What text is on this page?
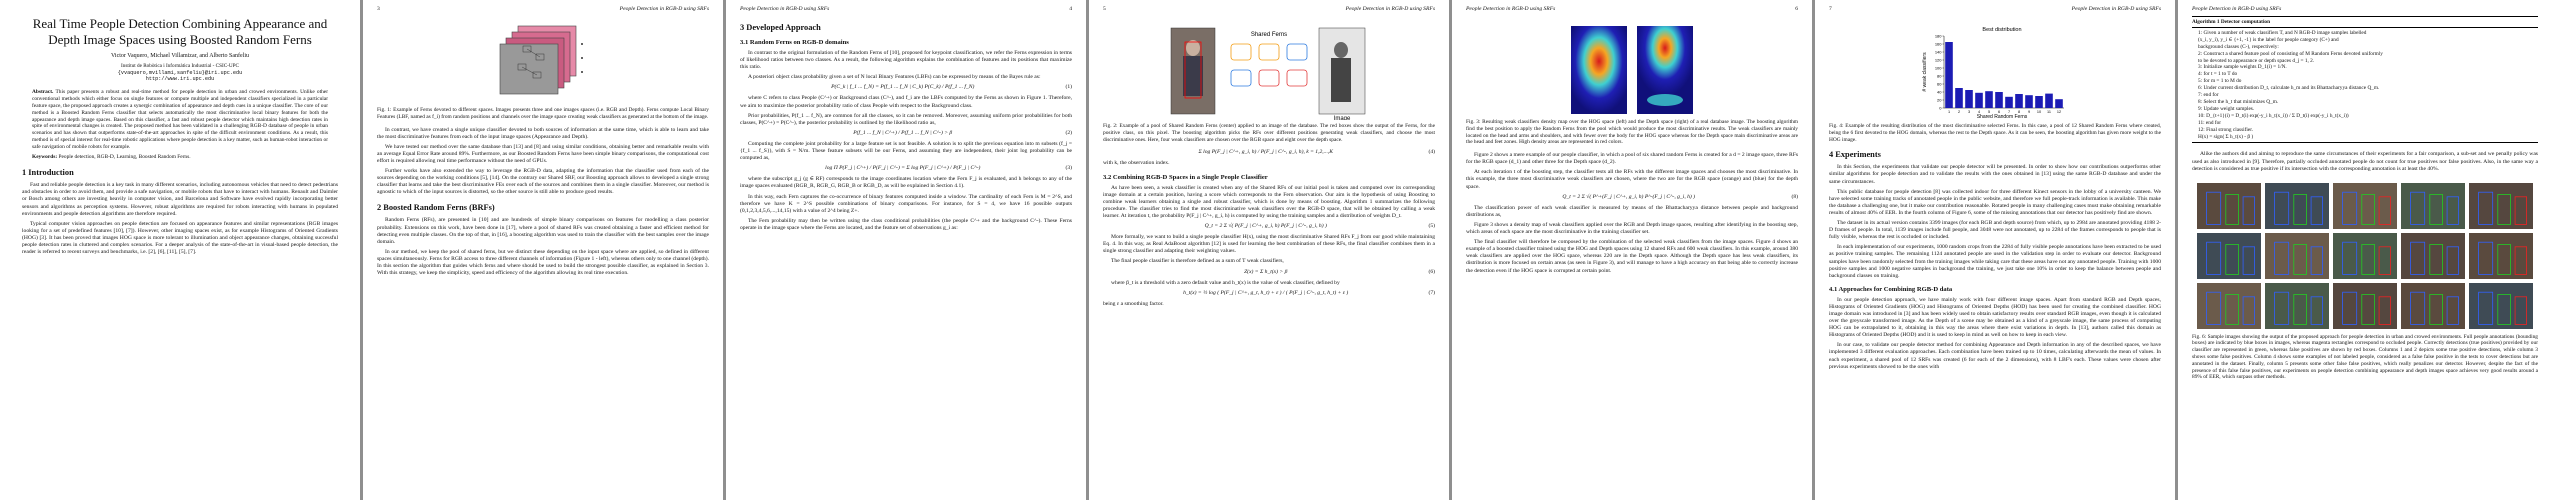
Real Time People Detection Combining Appearance and Depth Image Spaces using Boosted Random Ferns
Victor Vaquero, Michael Villamizar, and Alberto Sanfeliu
Institut de Robòtica i Informàtica Industrial - CSIC-UPC
{vvaquero,mvillami,sanfeliu}@iri.upc.edu
http://www.iri.upc.edu
Abstract. This paper presents a robust and real-time method for people detection in urban and crowed environments. Unlike other conventional methods which either focus on single features or compute multiple and independent classifiers specialized in a particular feature space, the proposed approach creates a synergic combination of appearance and depth cues in a unique classifier. The core of our method is a Boosted Random Ferns classifier that selects automatically the most discriminative local binary features for both the appearance and depth image spaces. Based on this classifier, a fast and robust people detector which maintains high detection rates in spite of environmental changes is created. The proposed method has been validated in a challenging RGB-D database of people in urban scenarios and has shown that outperforms state-of-the-art approaches in spite of the difficult environment conditions. As a result, this method is of special interest for real-time robotic applications where people detection is a key matter, such as human-robot interaction or safe navigation of mobile robots for example.
Keywords: People detection, RGB-D, Learning, Boosted Random Ferns.
1 Introduction

Fast and reliable people detection is a key task in many different scenarios, including autonomous vehicles that need to detect pedestrians and obstacles in order to avoid them, and provide a safe navigation, or mobile robots that have to interact with humans. Renault and Daimler or Bosch among others are investing heavily in computer vision, and Barcelona and Software have evolved rapidly incorporating better sensors and algorithms as perception systems. However, robust algorithms are required for robots interacting with humans in populated environments and people detection algorithms are therefore required.

Typical computer vision approaches on people detection are focused on appearance features and similar representations (RGB images looking for a set of predefined features [10], [7]). However, other imaging spaces exist, as for example Histograms of Oriented Gradients (HOG) [3]. It has been proved that images HOG space is more tolerant to illumination and object appearance changes, obtaining successful people detection rates in cluttered and complex scenarios. For a deeper analysis of the state-of-the-art in visual-based people detection, the reader is referred to recent surveys and benchmarks, i.e. [2], [6], [11], [5], [7].

3	People Detection in RGB-D using SRFs
Fig. 1: Example of Ferns devoted to different spaces. Images presents three and one images spaces (i.e. RGB and Depth). Ferns compute Local Binary Features (LBF, named as f_i) from random positions and channels over the image space creating weak classifiers as generated at the bottom of the image.

In contrast, we have created a single unique classifier devoted to both sources of information at the same time, which is able to learn and take the most discriminative features from each of the input image spaces (Appearance and Depth).

We have tested our method over the same database than [13] and [8] and using similar conditions, obtaining better and remarkable results with an average Equal Error Rate around 89%. Furthermore, as our Boosted Random Ferns have been simple binary comparisons, the computational cost effort is required allowing real time performance without the need of GPUs.

Further works have also extended the way to leverage the RGB-D data, adapting the information that the classifier used from each of the sources depending on the working conditions [5], [14]. On the contrary our Shared SRF, our Boosting approach allows to developed a single strong classifier that learns and take the best discriminative FEs over each of the sources and combines them in a single classifier. Moreover, our method is agnostic to which of the input sources is distorted, so the other source is still able to produce good results.

2 Boosted Random Ferns (BRFs)

Random Ferns (RFs), are presented in [10] and are hundreds of simple binary comparisons on features for modelling a class posterior probability. Extensions on this work, have been done in [17], where a pool of shared RFs was created obtaining a faster and efficient method for detecting even multiple classes. On the top of that, in [16], a boosting algorithm was used to train the classifier with the best samples over the image domain.

In our method, we keep the pool of shared ferns, but we distinct these depending on the input space where are applied, so defined in different spaces simultaneously. Ferns for RGB access to three different channels of information (Figure 1 - left), whereas others only to one channel (depth). In this section the algorithm that guides which ferns and where should be used to build the strongest possible classifier, as explained in Section 3. With this strategy, we keep the simplicity, speed and efficiency of the algorithm allowing its real time execution.

People Detection in RGB-D using SRFs	4
3 Developed Approach
3.1 Random Ferns on RGB-D domains

In contrast to the original formulation of the Random Ferns of [10], proposed for keypoint classification, we refer the Ferns expression in terms of likelihood ratios between two classes. As a result, the following algorithm explains the combination of features and its positions that maximize this ratio.

A posteriori object class probability given a set of N local Binary Features (LBFs) can be expressed by means of the Bayes rule as:

P(C_k | f_1 ... f_N) = P(f_1 ... f_N | C_k) P(C_k) / P(f_1 ... f_N)	(1)

where C refers to class People (C^+) or Background class (C^-), and f_i are the LBFs computed by the Ferns as shown in Figure 1. Therefore, we aim to maximize the posterior probability ratio of class People with respect to the Background class.

Prior probabilities, P(f_1 ... f_N), are common for all the classes, so it can be removed. Moreover, assuming uniform prior probabilities for both classes, P(C^+) = P(C^-), the posterior probability is outlined by the likelihood ratio as,

P(f_1 ... f_N | C^+) / P(f_1 ... f_N | C^-) > β	(2)

Computing the complete joint probability for a large feature set is not feasible. A solution is to split the previous equation into m subsets (f_j = {f_1 ... f_S}), with S = N/m. These feature subsets will be our Ferns, and assuming they are independent, their joint log probability can be computed as,

log Π P(F_j | C^+) / P(F_j | C^-) = Σ log P(F_j | C^+) / P(F_j | C^-)	(3)

where the subscript g_j (g ∈ RF) corresponds to the image coordinates location where the Fern F_j is evaluated, and h belongs to any of the image spaces evaluated (RGB_R, RGB_G, RGB_B or RGB_D, as will be explained in Section 4.1).

In this way, each Fern captures the co-occurrence of binary features computed inside a window. The cardinality of each Fern is M = 2^S, and therefore we have K = 2^S possible combinations of binary comparisons. For instance, for S = 4, we have 16 possible outputs (0,1,2,3,4,5,6,...,14,15) with a value of 2^4 being Z+.

The Fern probability may then be written using the class conditional probabilities (the people C^+ and the background C^-). These Ferns operate in the image space where the Ferns are located, and the feature set of observations g_i as:

5	People Detection in RGB-D using SRFs
Shared Ferns
Image
Fig. 2: Example of a pool of Shared Random Ferns (center) applied to an image of the database. The red boxes show the output of the Ferns, for the positive class, on this pixel. The boosting algorithm picks the RFs over different positions generating weak classifiers, and choose the most discriminative ones. Here, four weak classifiers are chosen over the RGB space and eight over the depth space.
Σ log P(F_j | C^+, g_i, h) / P(F_j | C^-, g_i, h), k = 1,2,...,K	(4)

with k, the observation index.

3.2 Combining RGB-D Spaces in a Single People Classifier

As have been seen, a weak classifier is created when any of the Shared RFs of our initial pool is taken and computed over its corresponding image domain at a certain position, having a score which corresponds to the Fern observation. Our aim is the hypothesis of using Boosting to combine weak learners obtaining a single and robust classifier, which is done by means of boosting. Algorithm 1 summarizes the following procedure. The classifier tries to find the most discriminative weak classifiers over the RGB-D space, that will be obtained by calling a weak learner. At iteration t, the probability P(F_j | C^+, g_i, h) is computed by using the training samples and a distribution of weights D_t.

Q_t = 2 Σ √( P(F_j | C^+, g_i, h) P(F_j | C^-, g_i, h) )	(5)

More formally, we want to build a single people classifier H(x), using the most discriminative Shared RFs F_j from our good while maintaining Eq. 4. In this way, as Real AdaBoost algorithm [12] is used for learning the best combination of these RFs, the final classifier combines them in a single strong classifier and adapting their weighting values.

The final people classifier is therefore defined as a sum of T weak classifiers,

Z(x) = Σ h_t(x) > β	(6)

where β_t is a threshold with a zero default value and h_t(x) is the value of weak classifier, defined by

h_t(x) = ½ log ( P(F_j | C^+, g_t, h_t) + ε ) / ( P(F_j | C^-, g_t, h_t) + ε )	(7)

being ε a smoothing factor.

People Detection in RGB-D using SRFs	6
Fig. 3: Resulting weak classifiers density map over the HOG space (left) and the Depth space (right) of a real database image. The boosting algorithm find the best position to apply the Random Ferns from the pool which would produce the most discriminative results. The weak classifiers are mainly located on the head and arms and shoulders, and with fewer over the body for the HOG space whereas for the Depth space main discriminative areas are the head and feet zones. High density areas are represented in red colors.

Figure 2 shows a mere example of our people classifier, in which a pool of six shared random Ferns is created for a d = 2 image space, three RFs for the RGB space (d_1) and other three for the Depth space (d_2).

At each iteration t of the boosting step, the classifier tests all the RFs with the different image spaces and chooses the most discriminative. In this example, the three most discriminative weak classifiers are chosen, where the two are for the RGB space (orange) and (blue) for the depth space.

Q_t = 2 Σ √( P^+(F_j | C^+, g_i, h) P^-(F_j | C^-, g_i, h) )	(8)

The classification power of each weak classifier is measured by means of the Bhattacharyya distance between people and background distributions as,

Figure 3 shows a density map of weak classifiers applied over the RGB and Depth image spaces, resulting after identifying in the boosting step, which areas of each space are the most discriminative in the training classifier set.

The final classifier will therefore be composed by the combination of the selected weak classifiers from the image spaces. Figure 4 shows an example of a boosted classifier trained using the HOG and Depth spaces using 12 shared RFs and 600 weak classifiers. In this example, around 380 weak classifiers are applied over the HOG space, whereas 220 are in the Depth space. Although the Depth space has less weak classifiers, its distribution is more focused on certain areas (as seen in Figure 3), and will manage to have a high accuracy on that being able to correctly increase the detection even if the HOG space is corrupted at certain point.

7	People Detection in RGB-D using SRFs
Best distribution
Shared Random Ferns
# weak classifiers
0
20
40
60
80
100
120
140
160
180
1 2 3 4 5 6 7 8 9 10 11 12
Fig. 4: Example of the resulting distribution of the most discriminative selected Ferns. In this case, a pool of 12 Shared Random Ferns where created, being the 6 first devoted to the HOG domain, whereas the rest to the Depth space. As it can be seen, the boosting algorithm has given more weight to the HOG image.
4 Experiments

In this Section, the experiments that validate our people detector will be presented. In order to show how our contributions outperforms other similar algorithms for people detection and to validate the results with the ones obtained in [13] using the same RGB-D database and under the same circumstances.

This public database for people detection [8] was collected indoor for three different Kinect sensors in the lobby of a university canteen. We have selected some training tracks of annotated people in the public website, and therefore we full people-track information is available. This make the database a challenging one, but it make our contribution reasonable. Rotated people in many challenging cases must make obtaining remarkable results of almost 40% of EER. In the fourth column of Figure 6, some of the missing annotations that our detector has positively find are shown.

The dataset in its actual version contains 3399 images (for each RGB and depth source) from which, up to 2984 are annotated providing 4188 2-D frames of people. In total, 1139 images include full people, and 3048 were not annotated, up to 2284 of the frames corresponds to people that is fully visible, whereas the rest is occluded or included.

In each implementation of our experiments, 1000 random crops from the 2284 of fully visible people annotations have been extracted to be used as positive training samples. The remaining 1124 annotated people are used in the validation step in order to evaluate our detector. Background samples have been randomly selected from the training images while taking care that these areas have not any annotated people. Training with 1000 positive samples and 1000 negative samples in background the training, we just take one 10% in order to keep the balance between people and background classes on training.

4.1 Approaches for Combining RGB-D data

In our people detection approach, we have mainly work with four different image spaces. Apart from standard RGB and Depth spaces, Histograms of Oriented Gradients (HOG) and Histograms of Oriented Depths (HOD) has been used for creating the combined classifier. HOG image domain was introduced in [3] and has been widely used to obtain satisfactory results over standard RGB images, even though it is calculated over the greyscale transformed image. As the Depth of a scene may be obtained as a kind of a greyscale image, the same process of computing HOG can be extrapolated to it, obtaining in this way the areas where there exist variations in depth. In [13], authors called this domain as Histograms of Oriented Depths (HOD) and it is used to keep in mind as well on how to keep in each view.

In our case, to validate our people detector method for combining Appearance and Depth information in any of the described spaces, we have implemented 3 different evaluation approaches. Each combination have been trained up to 10 times, calculating afterwards the mean of values. In each experiment, a shared pool of 12 SRFs was created (6 for each of the 2 dimensions), with 8 LBF's each. These values were chosen after previous experiments showed to be the ones with

People Detection in RGB-D using SRFs
Algorithm 1 Detector computation
1: Given a number of weak classifiers T, and N RGB-D image samples labelled
(x_i, y_i), y_i ∈ {+1, -1} is the label for people category (C+) and
background classes (C-), respectively:
2: Construct a shared feature pool of consisting of M Random Ferns devoted uniformly
to be devoted to appearance or depth spaces d_j = 1, 2.
3: Initialize sample weights D_1(i) = 1/N.
4: for t = 1 to T do
5: for m = 1 to M do
6: Under current distribution D_t, calculate h_m and its Bhattacharyya distance Q_m.
7: end for
8: Select the h_t that minimizes Q_m.
9: Update weight samples.
10: D_{t+1}(i) = D_t(i) exp(-y_i h_t(x_i)) / Σ D_t(i) exp(-y_i h_t(x_i))
11: end for
12: Final strong classifier.
H(x) = sign( Σ h_t(x) - β )

Alike the authors did and aiming to reproduce the same circumstances of their experiments for a fair comparison, a sub-set and we penally policy was used as also introduced in [9]. Therefore, partially occluded annotated people do not count for true positives nor false positives. Also, in the same way a detection is considered as true positive if its intersection with the corresponding annotation is at least the 40%.

Fig. 6: Sample images showing the output of the proposed approach for people detection in urban and crowed environments. Full people annotations (bounding boxes) are indicated by blue boxes in images, whereas magenta rectangles correspond to occluded people. Correctly detections (true positives) provided by our classifier are represented in green, whereas false positives are shown by red boxes. Columns 1 and 2 depicts some true positive detections, while column 3 shows some false positives. Column 4 shows some examples of not labeled people, considered as a false false positive in the tests to cover detections but are annotated in the dataset. Finally, column 5 presents some other false false positives, which really penalizes our detector. However, despite the fact of the presence of this false false positives, our experiments on people detection combining appearance and depth images space achieves very good results around a 89% of EER, which surpass other methods.
